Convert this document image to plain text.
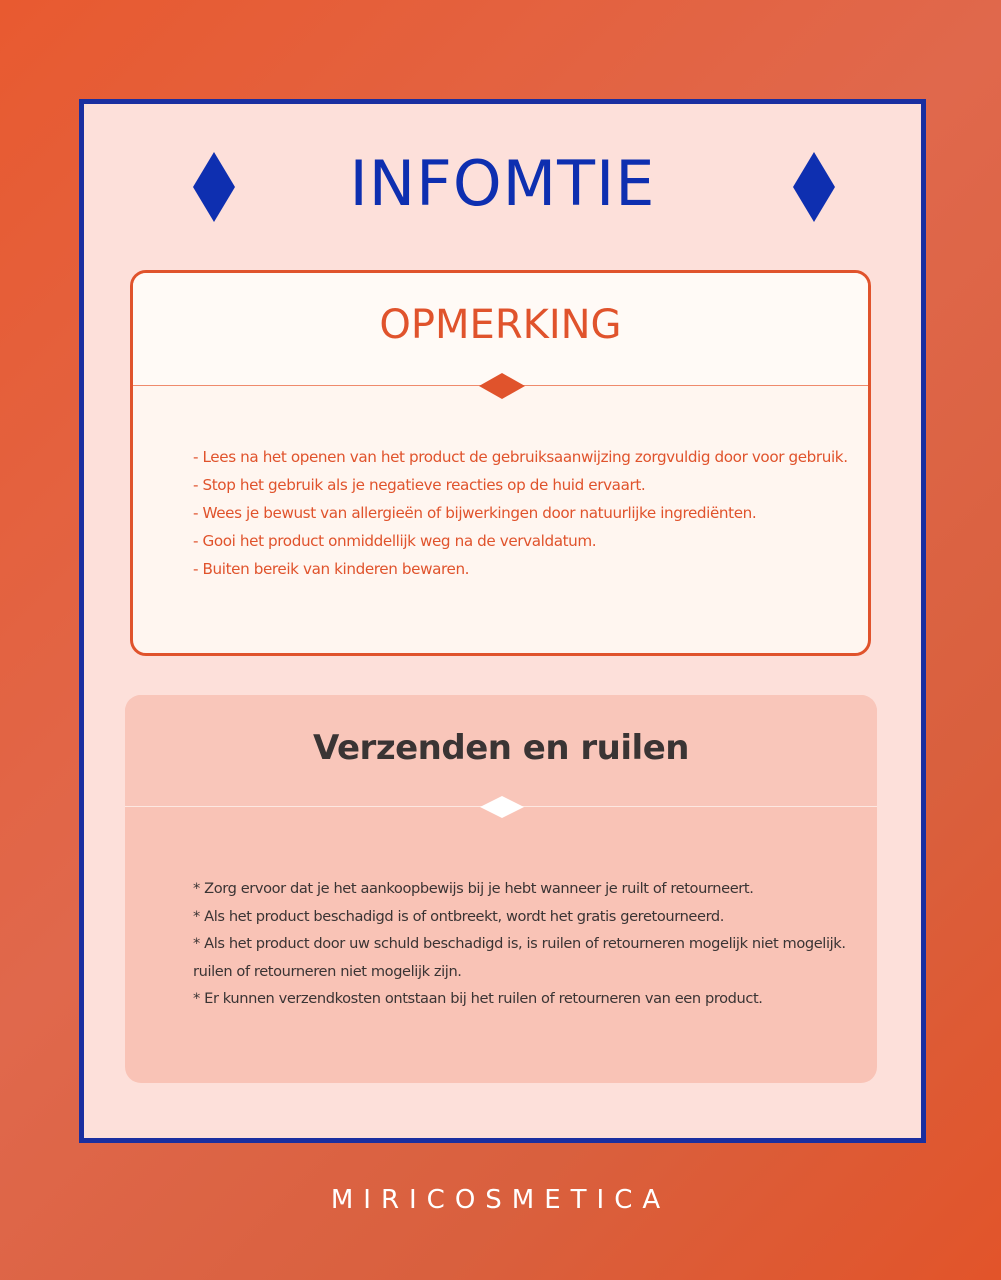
INFOMTIE
OPMERKING
- Lees na het openen van het product de gebruiksaanwijzing zorgvuldig door voor gebruik.
- Stop het gebruik als je negatieve reacties op de huid ervaart.
- Wees je bewust van allergieën of bijwerkingen door natuurlijke ingrediënten.
- Gooi het product onmiddellijk weg na de vervaldatum.
- Buiten bereik van kinderen bewaren.
Verzenden en ruilen
* Zorg ervoor dat je het aankoopbewijs bij je hebt wanneer je ruilt of retourneert.
* Als het product beschadigd is of ontbreekt, wordt het gratis geretourneerd.
* Als het product door uw schuld beschadigd is, is ruilen of retourneren mogelijk niet mogelijk.
ruilen of retourneren niet mogelijk zijn.
* Er kunnen verzendkosten ontstaan bij het ruilen of retourneren van een product.
MIRICOSMETICA
